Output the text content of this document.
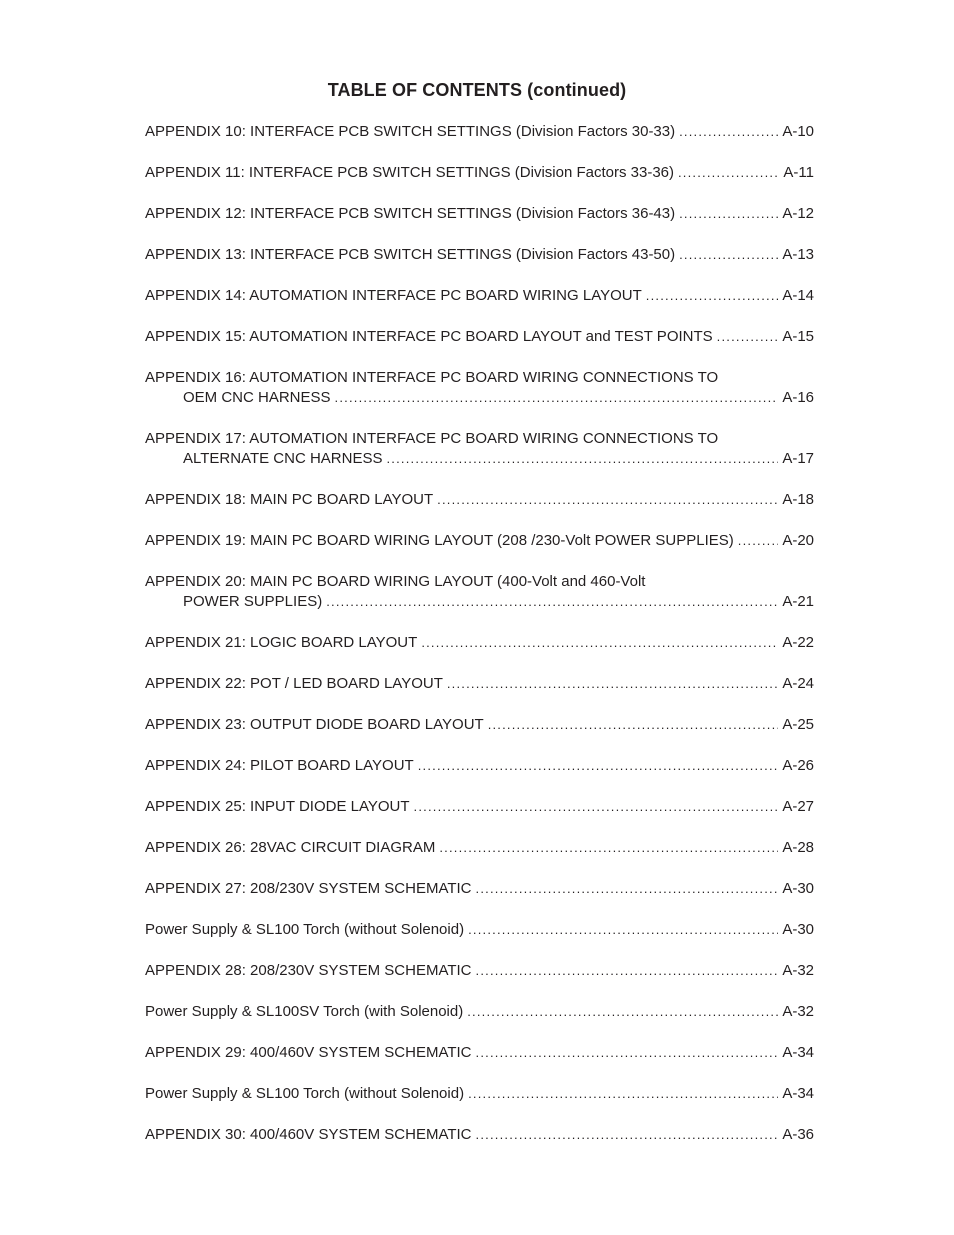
TABLE OF CONTENTS (continued)
APPENDIX 10: INTERFACE PCB SWITCH SETTINGS (Division Factors 30-33) .....	A-10
APPENDIX 11: INTERFACE PCB SWITCH SETTINGS (Division Factors 33-36) .....	A-11
APPENDIX 12: INTERFACE PCB SWITCH SETTINGS (Division Factors 36-43) .....	A-12
APPENDIX 13: INTERFACE PCB SWITCH SETTINGS (Division Factors 43-50) .....	A-13
APPENDIX 14: AUTOMATION INTERFACE PC BOARD WIRING LAYOUT .....	A-14
APPENDIX 15: AUTOMATION INTERFACE PC BOARD LAYOUT and TEST POINTS .....	A-15
APPENDIX 16: AUTOMATION INTERFACE PC BOARD WIRING CONNECTIONS TO
OEM CNC HARNESS .....	A-16
APPENDIX 17: AUTOMATION INTERFACE PC BOARD WIRING CONNECTIONS TO
ALTERNATE CNC HARNESS .....	A-17
APPENDIX 18: MAIN PC BOARD LAYOUT .....	A-18
APPENDIX 19: MAIN PC BOARD WIRING LAYOUT (208 /230-Volt POWER SUPPLIES) .....	A-20
APPENDIX 20: MAIN PC BOARD WIRING LAYOUT (400-Volt and 460-Volt
POWER SUPPLIES) .....	A-21
APPENDIX 21: LOGIC BOARD LAYOUT .....	A-22
APPENDIX 22: POT / LED BOARD LAYOUT .....	A-24
APPENDIX 23: OUTPUT DIODE BOARD LAYOUT .....	A-25
APPENDIX 24: PILOT BOARD LAYOUT .....	A-26
APPENDIX 25: INPUT DIODE LAYOUT .....	A-27
APPENDIX 26: 28VAC CIRCUIT DIAGRAM .....	A-28
APPENDIX 27: 208/230V SYSTEM SCHEMATIC .....	A-30
Power Supply & SL100 Torch (without Solenoid) .....	A-30
APPENDIX 28: 208/230V SYSTEM SCHEMATIC .....	A-32
Power Supply & SL100SV Torch (with Solenoid) .....	A-32
APPENDIX 29: 400/460V SYSTEM SCHEMATIC .....	A-34
Power Supply & SL100 Torch (without Solenoid) .....	A-34
APPENDIX 30: 400/460V SYSTEM SCHEMATIC .....	A-36
